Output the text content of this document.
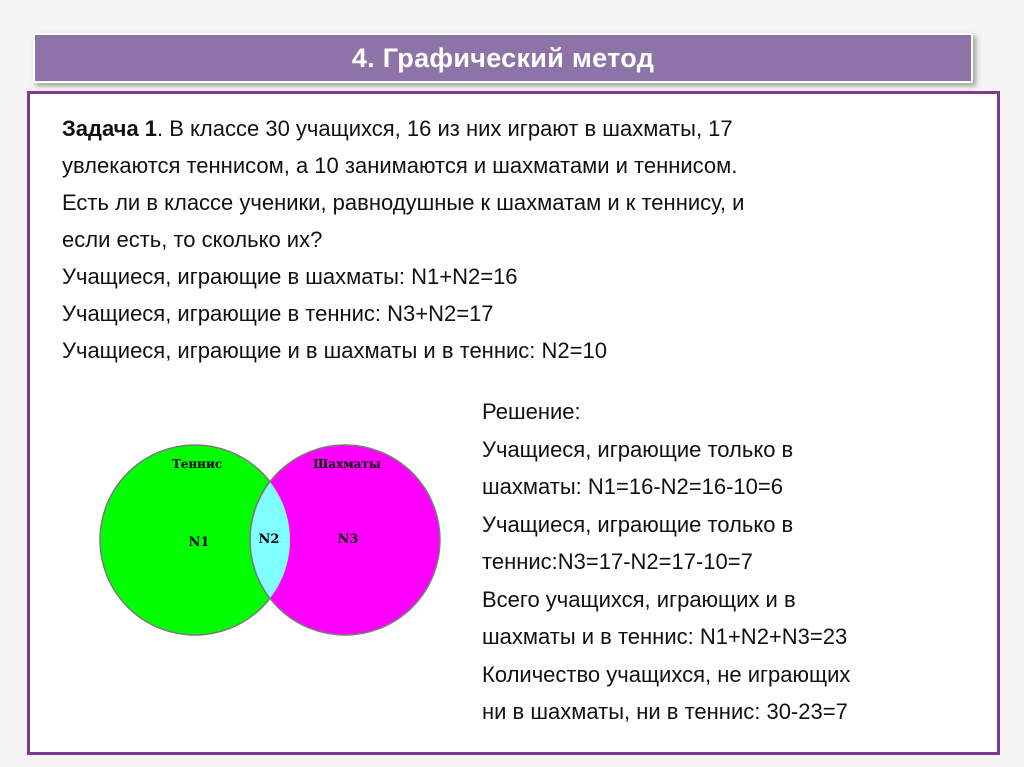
4. Графический метод

Задача 1. В классе 30 учащихся, 16 из них играют в шахматы, 17

увлекаются теннисом, а 10 занимаются и шахматами и теннисом.

Есть ли в классе ученики, равнодушные к шахматам и к теннису, и

если есть, то сколько их?

Учащиеся, играющие в шахматы: N1+N2=16

Учащиеся, играющие в теннис: N3+N2=17

Учащиеся, играющие и в шахматы и в теннис: N2=10

Теннис	Шахматы
N1	N2	N3

Решение:

Учащиеся, играющие только в

шахматы: N1=16-N2=16-10=6

Учащиеся, играющие только в

теннис:N3=17-N2=17-10=7

Всего учащихся, играющих и в

шахматы и в теннис: N1+N2+N3=23

Количество учащихся, не играющих

ни в шахматы, ни в теннис: 30-23=7
